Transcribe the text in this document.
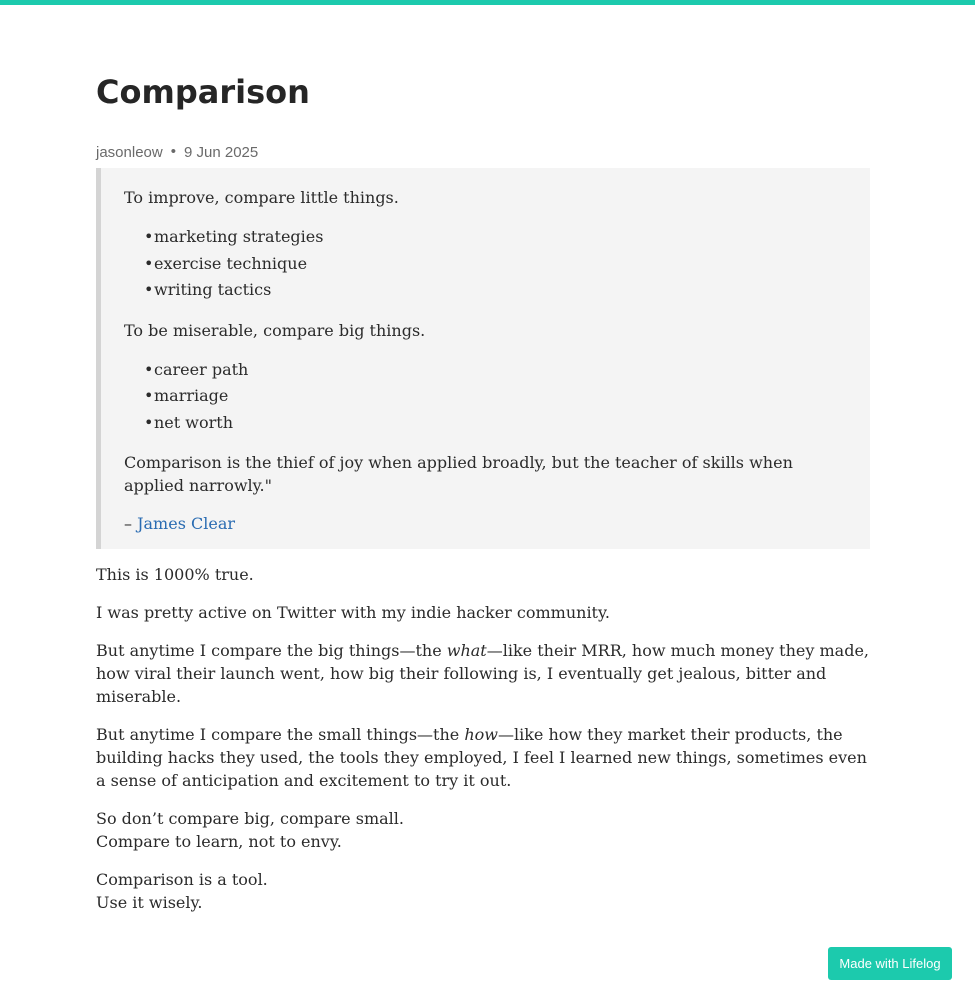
Comparison
jasonleow • 9 Jun 2025

To improve, compare little things.

• marketing strategies
• exercise technique
• writing tactics

To be miserable, compare big things.

• career path
• marriage
• net worth

Comparison is the thief of joy when applied broadly, but the teacher of skills when applied narrowly."

– James Clear

This is 1000% true.

I was pretty active on Twitter with my indie hacker community.

But anytime I compare the big things—the what—like their MRR, how much money they made, how viral their launch went, how big their following is, I eventually get jealous, bitter and miserable.

But anytime I compare the small things—the how—like how they market their products, the building hacks they used, the tools they employed, I feel I learned new things, sometimes even a sense of anticipation and excitement to try it out.

So don’t compare big, compare small.
Compare to learn, not to envy.

Comparison is a tool.
Use it wisely.

Made with Lifelog
